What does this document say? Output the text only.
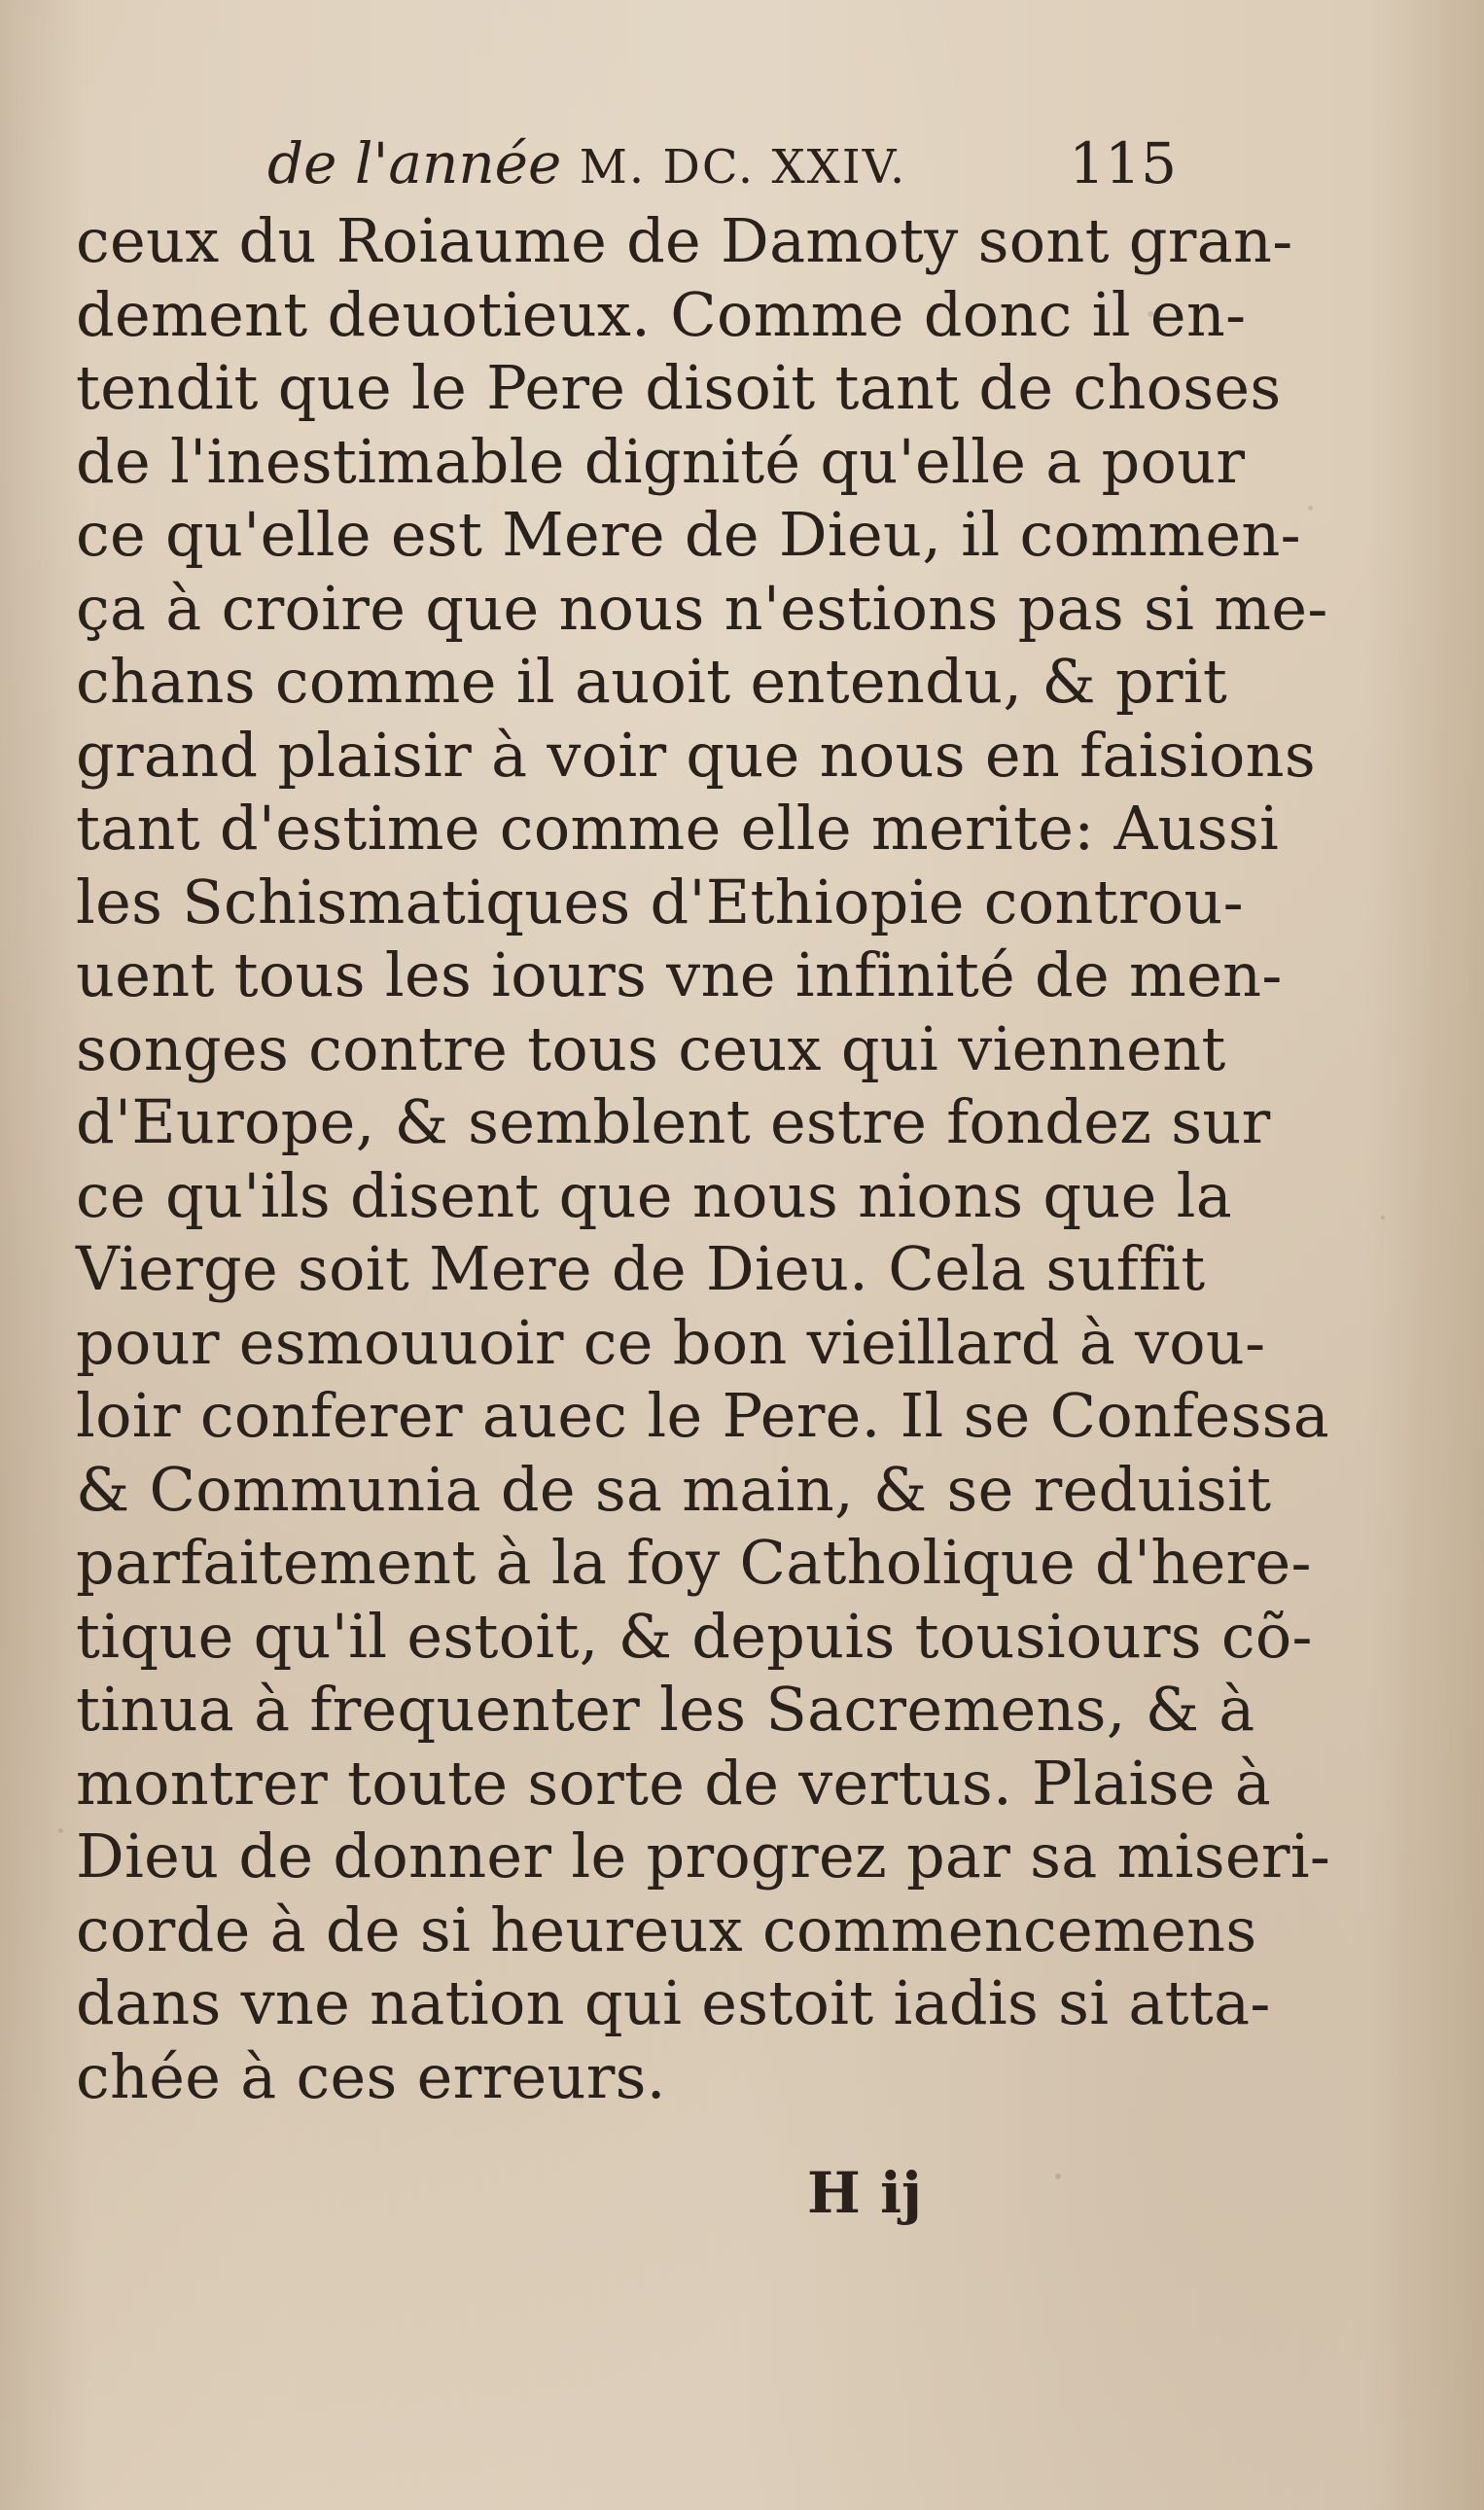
de l'année M. DC. XXIV.	115
ceux du Roiaume de Damoty sont gran-
dement deuotieux. Comme donc il en-
tendit que le Pere disoit tant de choses
de l'inestimable dignité qu'elle a pour
ce qu'elle est Mere de Dieu, il commen-
ça à croire que nous n'estions pas si me-
chans comme il auoit entendu, & prit
grand plaisir à voir que nous en faisions
tant d'estime comme elle merite: Aussi
les Schismatiques d'Ethiopie controu-
uent tous les iours vne infinité de men-
songes contre tous ceux qui viennent
d'Europe, & semblent estre fondez sur
ce qu'ils disent que nous nions que la
Vierge soit Mere de Dieu. Cela suffit
pour esmouuoir ce bon vieillard à vou-
loir conferer auec le Pere. Il se Confessa
& Communia de sa main, & se reduisit
parfaitement à la foy Catholique d'here-
tique qu'il estoit, & depuis tousiours cõ-
tinua à frequenter les Sacremens, & à
montrer toute sorte de vertus. Plaise à
Dieu de donner le progrez par sa miseri-
corde à de si heureux commencemens
dans vne nation qui estoit iadis si atta-
chée à ces erreurs.
H ij
